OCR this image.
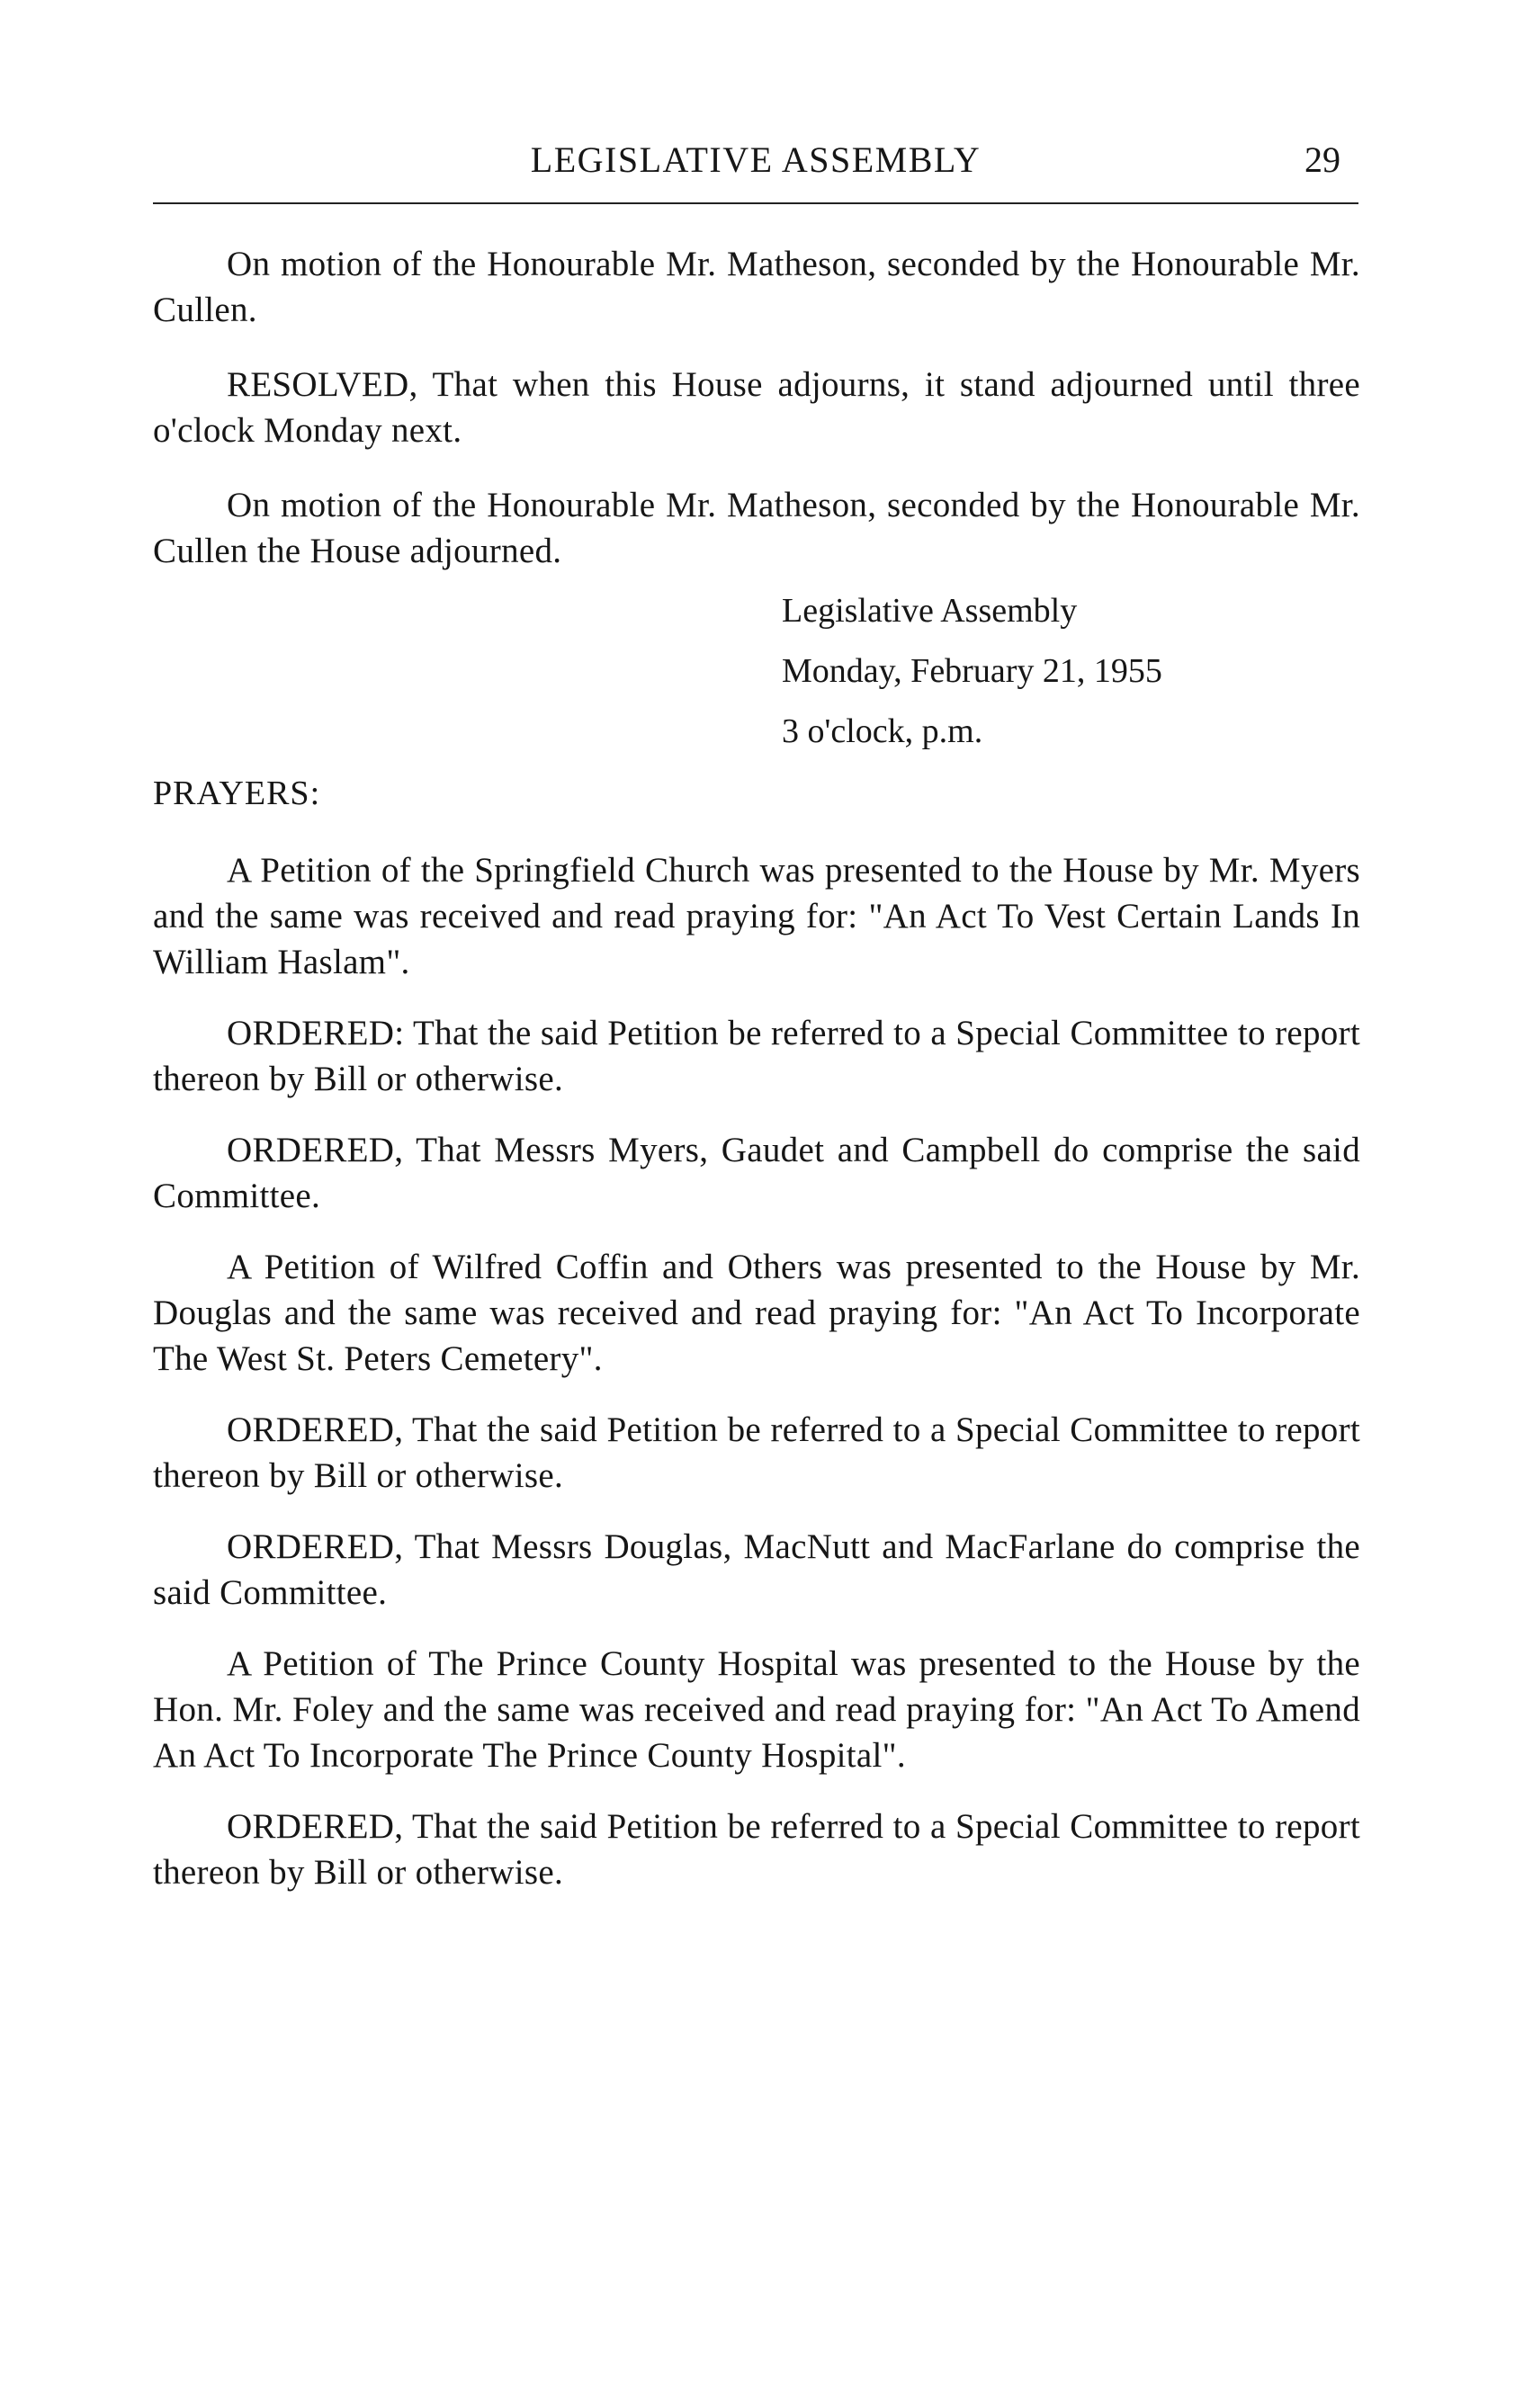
LEGISLATIVE ASSEMBLY	29

On motion of the Honourable Mr. Matheson, seconded by the Honourable Mr. Cullen.

RESOLVED, That when this House adjourns, it stand adjourned until three o'clock Monday next.

On motion of the Honourable Mr. Matheson, seconded by the Honourable Mr. Cullen the House adjourned.

Legislative Assembly
Monday, February 21, 1955
3 o'clock, p.m.

PRAYERS:

A Petition of the Springfield Church was presented to the House by Mr. Myers and the same was received and read praying for: "An Act To Vest Certain Lands In William Haslam".

ORDERED: That the said Petition be referred to a Special Committee to report thereon by Bill or otherwise.

ORDERED, That Messrs Myers, Gaudet and Campbell do comprise the said Committee.

A Petition of Wilfred Coffin and Others was presented to the House by Mr. Douglas and the same was received and read praying for: "An Act To Incorporate The West St. Peters Cemetery".

ORDERED, That the said Petition be referred to a Special Committee to report thereon by Bill or otherwise.

ORDERED, That Messrs Douglas, MacNutt and MacFarlane do comprise the said Committee.

A Petition of The Prince County Hospital was presented to the House by the Hon. Mr. Foley and the same was received and read praying for: "An Act To Amend An Act To Incorporate The Prince County Hospital".

ORDERED, That the said Petition be referred to a Special Committee to report thereon by Bill or otherwise.
